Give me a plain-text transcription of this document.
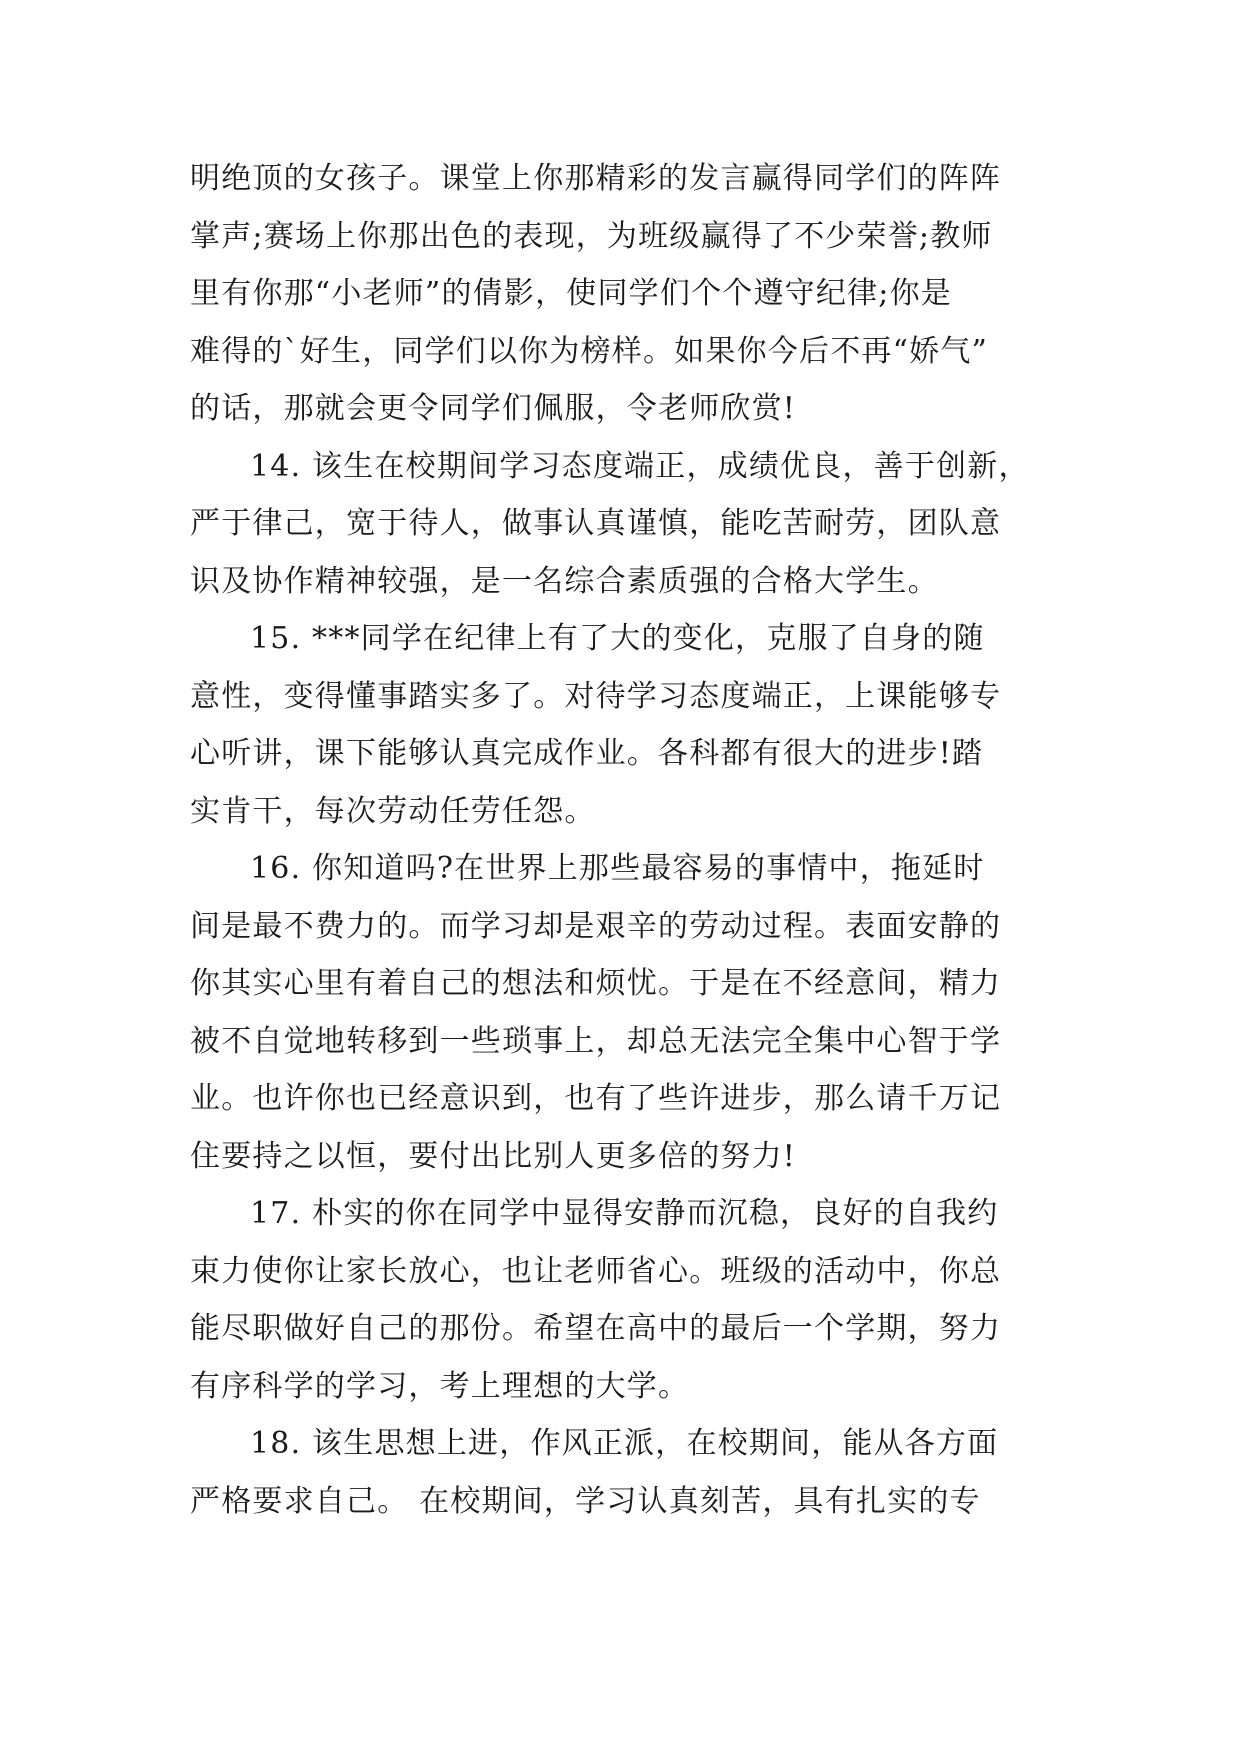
明绝顶的女孩子。课堂上你那精彩的发言赢得同学们的阵阵
掌声;赛场上你那出色的表现，为班级赢得了不少荣誉;教师
里有你那“小老师”的倩影，使同学们个个遵守纪律;你是
难得的`好生，同学们以你为榜样。如果你今后不再“娇气”
的话，那就会更令同学们佩服，令老师欣赏!
14. 该生在校期间学习态度端正，成绩优良，善于创新，
严于律己，宽于待人，做事认真谨慎，能吃苦耐劳，团队意
识及协作精神较强，是一名综合素质强的合格大学生。
15. ***同学在纪律上有了大的变化，克服了自身的随
意性，变得懂事踏实多了。对待学习态度端正，上课能够专
心听讲，课下能够认真完成作业。各科都有很大的进步!踏
实肯干，每次劳动任劳任怨。
16. 你知道吗?在世界上那些最容易的事情中，拖延时
间是最不费力的。而学习却是艰辛的劳动过程。表面安静的
你其实心里有着自己的想法和烦忧。于是在不经意间，精力
被不自觉地转移到一些琐事上，却总无法完全集中心智于学
业。也许你也已经意识到，也有了些许进步，那么请千万记
住要持之以恒，要付出比别人更多倍的努力!
17. 朴实的你在同学中显得安静而沉稳，良好的自我约
束力使你让家长放心，也让老师省心。班级的活动中，你总
能尽职做好自己的那份。希望在高中的最后一个学期，努力
有序科学的学习，考上理想的大学。
18. 该生思想上进，作风正派，在校期间，能从各方面
严格要求自己。 在校期间，学习认真刻苦，具有扎实的专
